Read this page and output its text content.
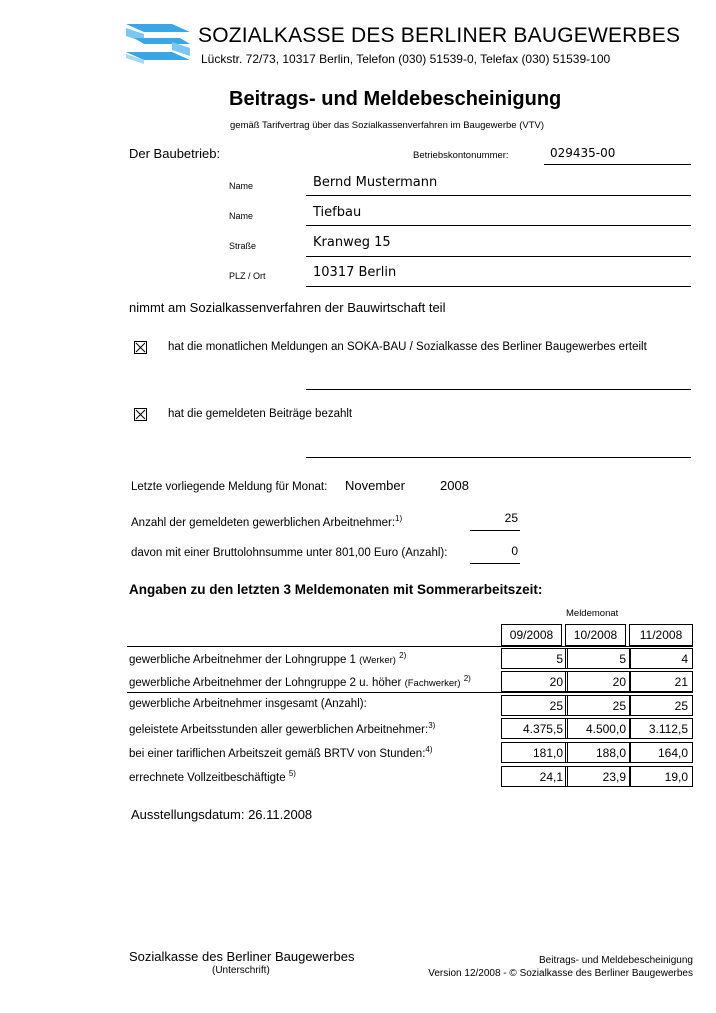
SOZIALKASSE DES BERLINER BAUGEWERBES
Lückstr. 72/73, 10317 Berlin, Telefon (030) 51539-0, Telefax (030) 51539-100
Beitrags- und Meldebescheinigung
gemäß Tarifvertrag über das Sozialkassenverfahren im Baugewerbe (VTV)
Der Baubetrieb:	Betriebskontonummer:	029435-00
Name	Bernd Mustermann
Name	Tiefbau
Straße	Kranweg 15
PLZ / Ort	10317 Berlin
nimmt am Sozialkassenverfahren der Bauwirtschaft teil
hat die monatlichen Meldungen an SOKA-BAU / Sozialkasse des Berliner Baugewerbes erteilt
hat die gemeldeten Beiträge bezahlt
Letzte vorliegende Meldung für Monat: November	2008
Anzahl der gemeldeten gewerblichen Arbeitnehmer:$^{1)}$	25
davon mit einer Bruttolohnsumme unter 801,00 Euro (Anzahl):	0
Angaben zu den letzten 3 Meldemonaten mit Sommerarbeitszeit:
Meldemonat
09/2008	10/2008	11/2008
gewerbliche Arbeitnehmer der Lohngruppe 1 (Werker) $^{2)}$	5	5	4
gewerbliche Arbeitnehmer der Lohngruppe 2 u. höher (Fachwerker) $^{2)}$	20	20	21
gewerbliche Arbeitnehmer insgesamt (Anzahl):	25	25	25
geleistete Arbeitsstunden aller gewerblichen Arbeitnehmer:$^{3)}$	4.375,5	4.500,0	3.112,5
bei einer tariflichen Arbeitszeit gemäß BRTV von Stunden:$^{4)}$	181,0	188,0	164,0
errechnete Vollzeitbeschäftigte $^{5)}$	24,1	23,9	19,0
Ausstellungsdatum: 26.11.2008
Sozialkasse des Berliner Baugewerbes
(Unterschrift)
Beitrags- und Meldebescheinigung
Version 12/2008 - © Sozialkasse des Berliner Baugewerbes
